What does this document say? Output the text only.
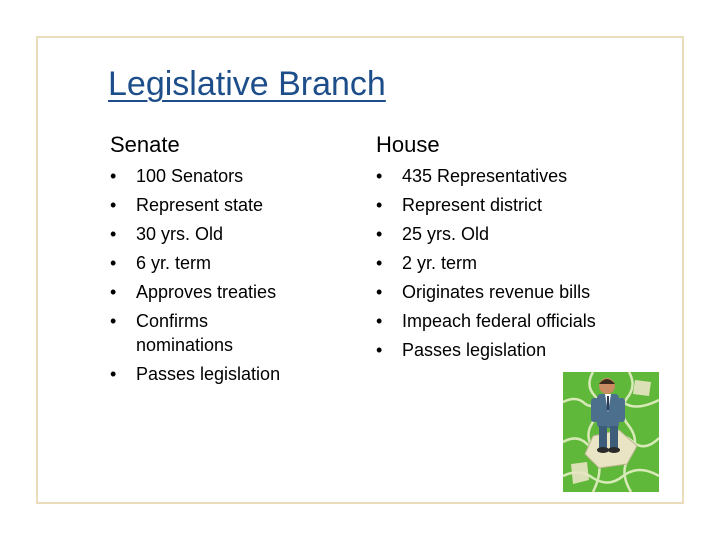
Legislative Branch
Senate	House
•	100 Senators
•	Represent state
•	30 yrs. Old
•	6 yr. term
•	Approves treaties
•	Confirms nominations
•	Passes legislation
•	435 Representatives
•	Represent district
•	25 yrs. Old
•	2 yr. term
•	Originates revenue bills
•	Impeach federal officials
•	Passes legislation
